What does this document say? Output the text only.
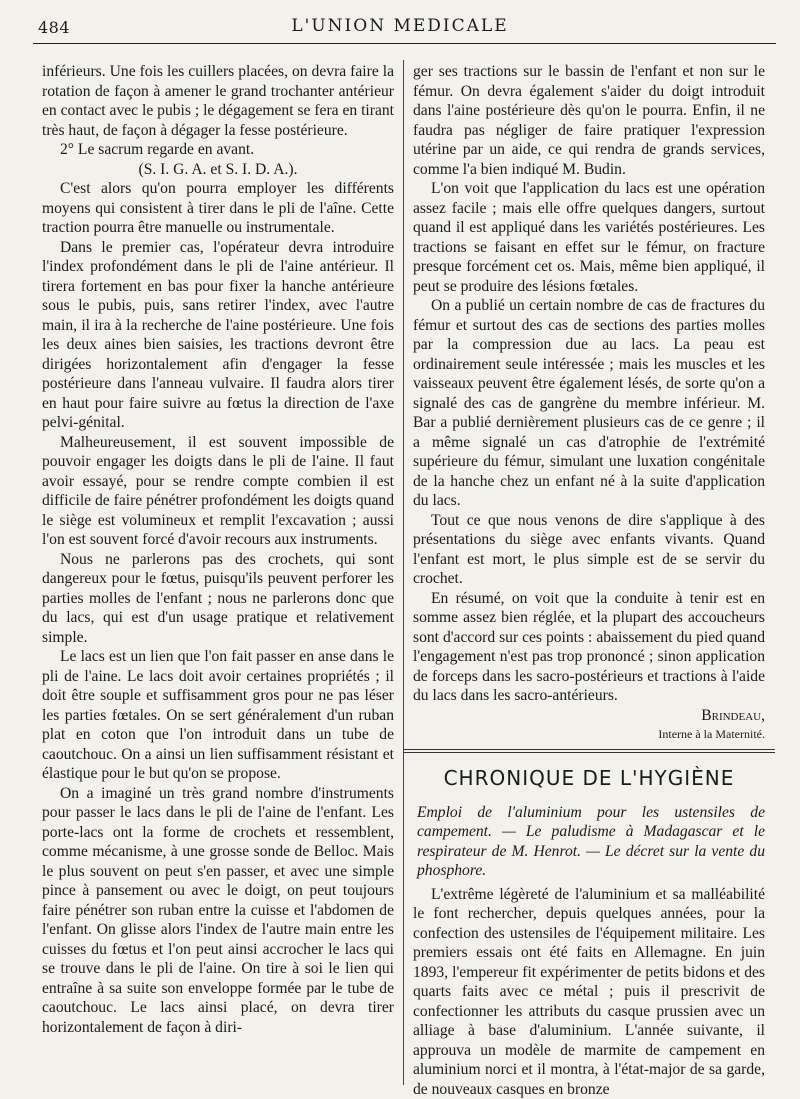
484	L'UNION MEDICALE

inférieurs. Une fois les cuillers placées, on devra faire la rotation de façon à amener le grand trochanter antérieur en contact avec le pubis ; le dégagement se fera en tirant très haut, de façon à dégager la fesse postérieure.

2° Le sacrum regarde en avant.

(S. I. G. A. et S. I. D. A.).

C'est alors qu'on pourra employer les différents moyens qui consistent à tirer dans le pli de l'aîne. Cette traction pourra être manuelle ou instrumentale.

Dans le premier cas, l'opérateur devra introduire l'index profondément dans le pli de l'aine antérieur. Il tirera fortement en bas pour fixer la hanche antérieure sous le pubis, puis, sans retirer l'index, avec l'autre main, il ira à la recherche de l'aine postérieure. Une fois les deux aines bien saisies, les tractions devront être dirigées horizontalement afin d'engager la fesse postérieure dans l'anneau vulvaire. Il faudra alors tirer en haut pour faire suivre au fœtus la direction de l'axe pelvi-génital.

Malheureusement, il est souvent impossible de pouvoir engager les doigts dans le pli de l'aine. Il faut avoir essayé, pour se rendre compte combien il est difficile de faire pénétrer profondément les doigts quand le siège est volumineux et remplit l'excavation ; aussi l'on est souvent forcé d'avoir recours aux instruments.

Nous ne parlerons pas des crochets, qui sont dangereux pour le fœtus, puisqu'ils peuvent perforer les parties molles de l'enfant ; nous ne parlerons donc que du lacs, qui est d'un usage pratique et relativement simple.

Le lacs est un lien que l'on fait passer en anse dans le pli de l'aine. Le lacs doit avoir certaines propriétés ; il doit être souple et suffisamment gros pour ne pas léser les parties fœtales. On se sert généralement d'un ruban plat en coton que l'on introduit dans un tube de caoutchouc. On a ainsi un lien suffisamment résistant et élastique pour le but qu'on se propose.

On a imaginé un très grand nombre d'instruments pour passer le lacs dans le pli de l'aine de l'enfant. Les porte-lacs ont la forme de crochets et ressemblent, comme mécanisme, à une grosse sonde de Belloc. Mais le plus souvent on peut s'en passer, et avec une simple pince à pansement ou avec le doigt, on peut toujours faire pénétrer son ruban entre la cuisse et l'abdomen de l'enfant. On glisse alors l'index de l'autre main entre les cuisses du fœtus et l'on peut ainsi accrocher le lacs qui se trouve dans le pli de l'aine. On tire à soi le lien qui entraîne à sa suite son enveloppe formée par le tube de caoutchouc. Le lacs ainsi placé, on devra tirer horizontalement de façon à diri-

ger ses tractions sur le bassin de l'enfant et non sur le fémur. On devra également s'aider du doigt introduit dans l'aine postérieure dès qu'on le pourra. Enfin, il ne faudra pas négliger de faire pratiquer l'expression utérine par un aide, ce qui rendra de grands services, comme l'a bien indiqué M. Budin.

L'on voit que l'application du lacs est une opération assez facile ; mais elle offre quelques dangers, surtout quand il est appliqué dans les variétés postérieures. Les tractions se faisant en effet sur le fémur, on fracture presque forcément cet os. Mais, même bien appliqué, il peut se produire des lésions fœtales.

On a publié un certain nombre de cas de fractures du fémur et surtout des cas de sections des parties molles par la compression due au lacs. La peau est ordinairement seule intéressée ; mais les muscles et les vaisseaux peuvent être également lésés, de sorte qu'on a signalé des cas de gangrène du membre inférieur. M. Bar a publié dernièrement plusieurs cas de ce genre ; il a même signalé un cas d'atrophie de l'extrémité supérieure du fémur, simulant une luxation congénitale de la hanche chez un enfant né à la suite d'application du lacs.

Tout ce que nous venons de dire s'applique à des présentations du siège avec enfants vivants. Quand l'enfant est mort, le plus simple est de se servir du crochet.

En résumé, on voit que la conduite à tenir est en somme assez bien réglée, et la plupart des accoucheurs sont d'accord sur ces points : abaissement du pied quand l'engagement n'est pas trop prononcé ; sinon application de forceps dans les sacro-postérieurs et tractions à l'aide du lacs dans les sacro-antérieurs.

Brindeau,

Interne à la Maternité.

CHRONIQUE DE L'HYGIÈNE

Emploi de l'aluminium pour les ustensiles de campement. — Le paludisme à Madagascar et le respirateur de M. Henrot. — Le décret sur la vente du phosphore.

L'extrême légèreté de l'aluminium et sa malléabilité le font rechercher, depuis quelques années, pour la confection des ustensiles de l'équipement militaire. Les premiers essais ont été faits en Allemagne. En juin 1893, l'empereur fit expérimenter de petits bidons et des quarts faits avec ce métal ; puis il prescrivit de confectionner les attributs du casque prussien avec un alliage à base d'aluminium. L'année suivante, il approuva un modèle de marmite de campement en aluminium norci et il montra, à l'état-major de sa garde, de nouveaux casques en bronze
